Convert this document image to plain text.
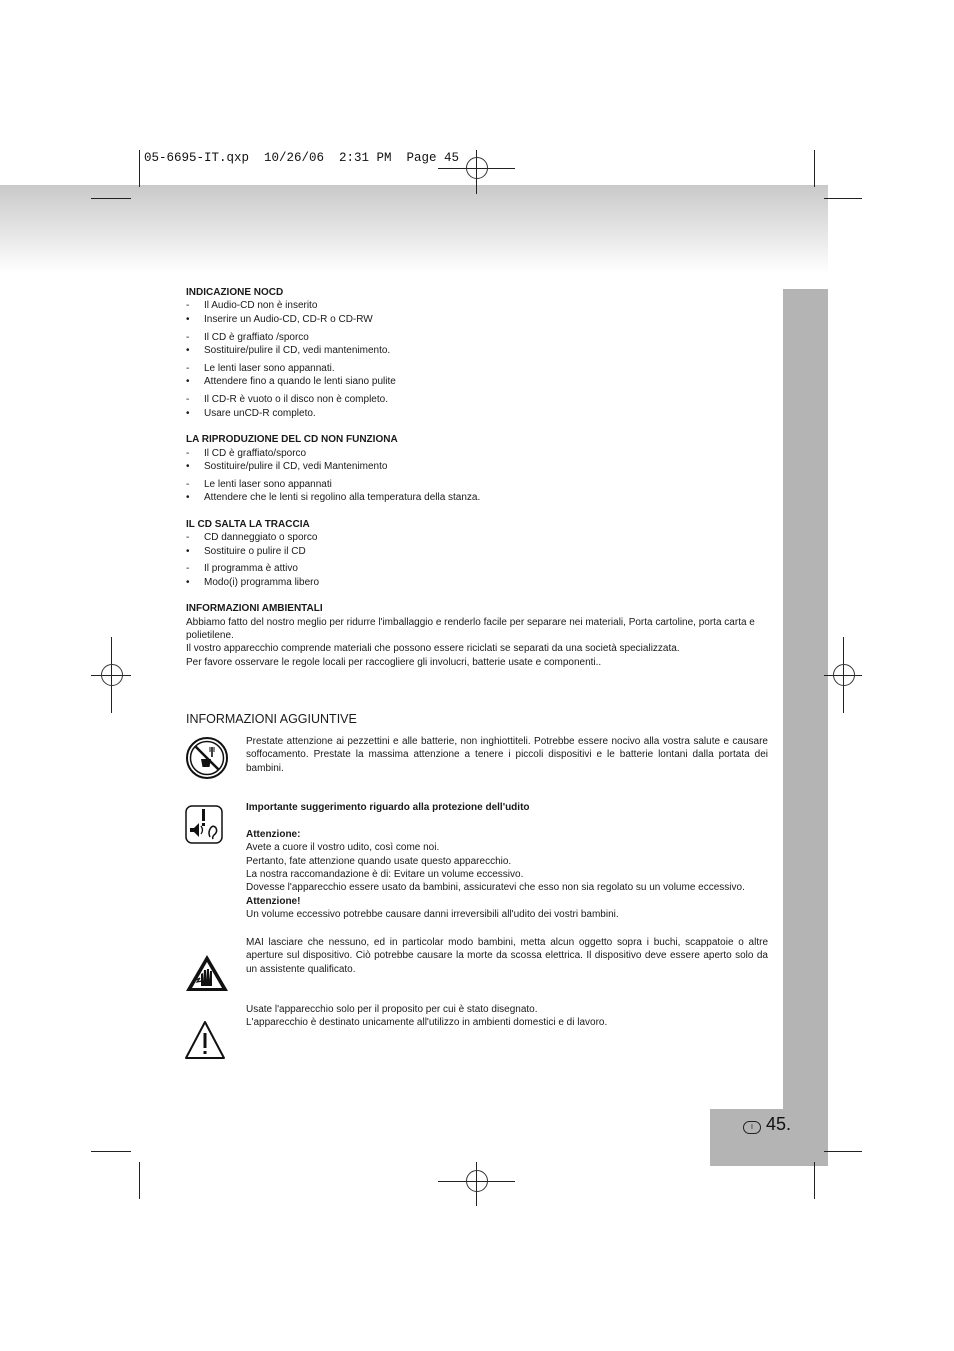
05-6695-IT.qxp  10/26/06  2:31 PM  Page 45
I 45.

INDICAZIONE NOCD

-	Il Audio-CD non è inserito

•	Inserire un Audio-CD, CD-R o CD-RW

-	Il CD è graffiato /sporco

•	Sostituire/pulire il CD, vedi mantenimento.

-	Le lenti laser sono appannati.

•	Attendere fino a quando le lenti siano pulite

-	Il CD-R è vuoto o il disco non è completo.

•	Usare unCD-R completo.

LA RIPRODUZIONE DEL CD NON FUNZIONA

-	Il CD è graffiato/sporco

•	Sostituire/pulire il CD, vedi Mantenimento

-	Le lenti laser sono appannati

•	Attendere che le lenti si regolino alla temperatura della stanza.

IL CD SALTA LA TRACCIA

-	CD danneggiato o sporco

•	Sostituire o pulire il CD

-	Il programma è attivo

•	Modo(i) programma libero

INFORMAZIONI AMBIENTALI

Abbiamo fatto del nostro meglio per ridurre l'imballaggio e renderlo facile per separare nei materiali, Porta cartoline, porta carta e polietilene.

Il vostro apparecchio comprende materiali che possono essere riciclati se separati da una società specializzata.

Per favore osservare le regole locali per raccogliere gli involucri, batterie usate e componenti..

INFORMAZIONI AGGIUNTIVE

Prestate attenzione ai pezzettini e alle batterie, non inghiottiteli. Potrebbe essere nocivo alla vostra salute e causare soffocamento. Prestate la massima attenzione a tenere i piccoli dispositivi e le batterie lontani dalla portata dei bambini.

Importante suggerimento riguardo alla protezione dell'udito

Attenzione:

Avete a cuore il vostro udito, così come noi.

Pertanto, fate attenzione quando usate questo apparecchio.

La nostra raccomandazione è di: Evitare un volume eccessivo.

Dovesse l'apparecchio essere usato da bambini, assicuratevi che esso non sia regolato su un volume eccessivo.

Attenzione!

Un volume eccessivo potrebbe causare danni irreversibili all'udito dei vostri bambini.

MAI lasciare che nessuno, ed in particolar modo bambini, metta alcun oggetto sopra i buchi, scappatoie o altre aperture sul dispositivo. Ciò potrebbe causare la morte da scossa elettrica. Il dispositivo deve essere aperto solo da un assistente qualificato.

Usate l'apparecchio solo per il proposito per cui è stato disegnato.

L'apparecchio è destinato unicamente all'utilizzo in ambienti domestici e di lavoro.
